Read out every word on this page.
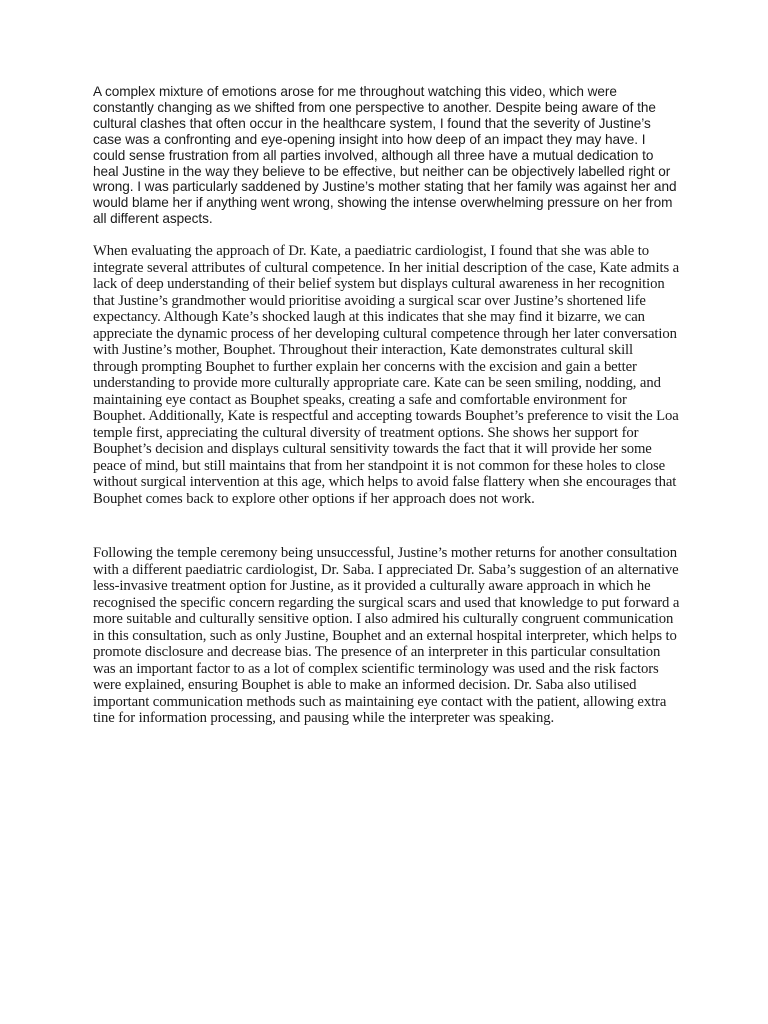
A complex mixture of emotions arose for me throughout watching this video, which were constantly changing as we shifted from one perspective to another. Despite being aware of the cultural clashes that often occur in the healthcare system, I found that the severity of Justine’s case was a confronting and eye-opening insight into how deep of an impact they may have. I could sense frustration from all parties involved, although all three have a mutual dedication to heal Justine in the way they believe to be effective, but neither can be objectively labelled right or wrong. I was particularly saddened by Justine’s mother stating that her family was against her and would blame her if anything went wrong, showing the intense overwhelming pressure on her from all different aspects.

When evaluating the approach of Dr. Kate, a paediatric cardiologist, I found that she was able to integrate several attributes of cultural competence. In her initial description of the case, Kate admits a lack of deep understanding of their belief system but displays cultural awareness in her recognition that Justine’s grandmother would prioritise avoiding a surgical scar over Justine’s shortened life expectancy. Although Kate’s shocked laugh at this indicates that she may find it bizarre, we can appreciate the dynamic process of her developing cultural competence through her later conversation with Justine’s mother, Bouphet. Throughout their interaction, Kate demonstrates cultural skill through prompting Bouphet to further explain her concerns with the excision and gain a better understanding to provide more culturally appropriate care. Kate can be seen smiling, nodding, and maintaining eye contact as Bouphet speaks, creating a safe and comfortable environment for Bouphet. Additionally, Kate is respectful and accepting towards Bouphet’s preference to visit the Loa temple first, appreciating the cultural diversity of treatment options. She shows her support for Bouphet’s decision and displays cultural sensitivity towards the fact that it will provide her some peace of mind, but still maintains that from her standpoint it is not common for these holes to close without surgical intervention at this age, which helps to avoid false flattery when she encourages that Bouphet comes back to explore other options if her approach does not work.

Following the temple ceremony being unsuccessful, Justine’s mother returns for another consultation with a different paediatric cardiologist, Dr. Saba. I appreciated Dr. Saba’s suggestion of an alternative less-invasive treatment option for Justine, as it provided a culturally aware approach in which he recognised the specific concern regarding the surgical scars and used that knowledge to put forward a more suitable and culturally sensitive option. I also admired his culturally congruent communication in this consultation, such as only Justine, Bouphet and an external hospital interpreter, which helps to promote disclosure and decrease bias. The presence of an interpreter in this particular consultation was an important factor to as a lot of complex scientific terminology was used and the risk factors were explained, ensuring Bouphet is able to make an informed decision. Dr. Saba also utilised important communication methods such as maintaining eye contact with the patient, allowing extra tine for information processing, and pausing while the interpreter was speaking.
